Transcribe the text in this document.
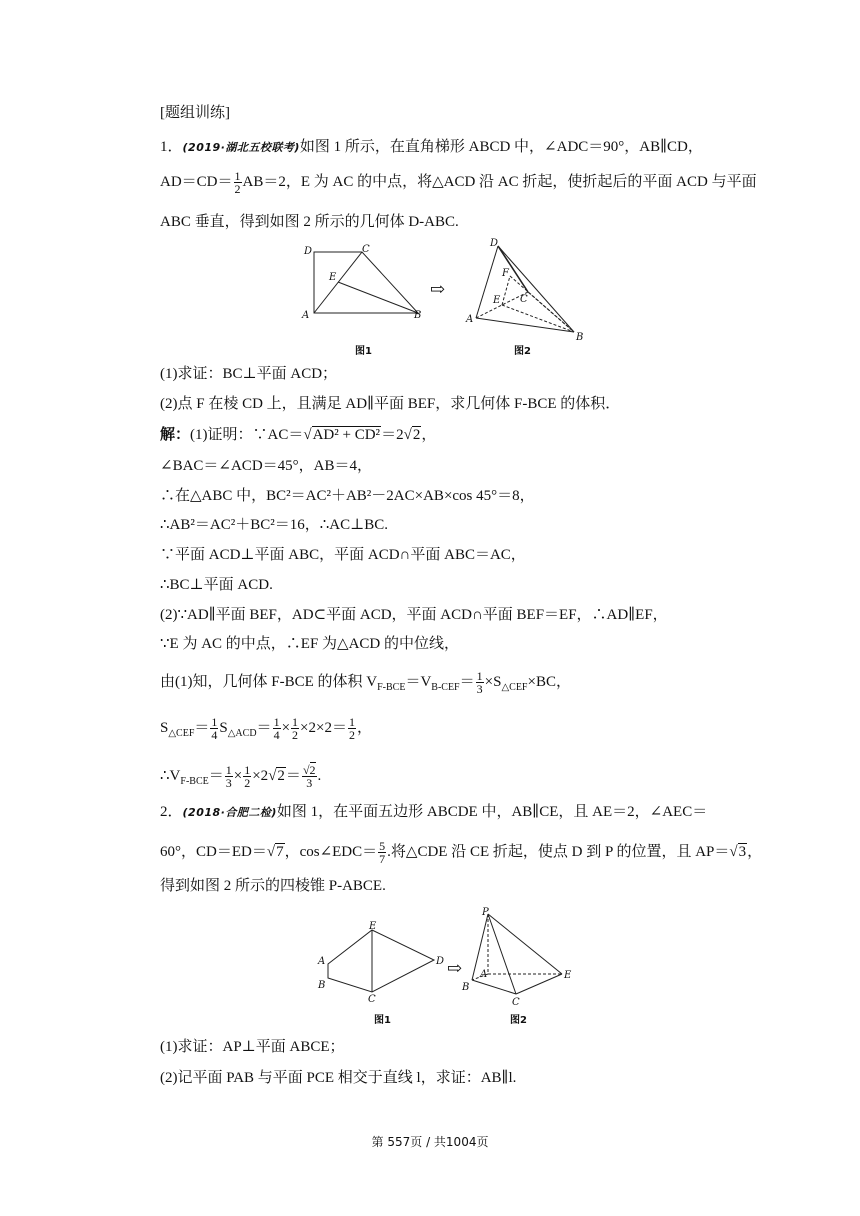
[题组训练]
1．(2019·湖北五校联考)如图 1 所示，在直角梯形 ABCD 中，∠ADC＝90°，AB∥CD，
$AD=CD= \frac{1}{2} AB=2$，E 为 AC 的中点，将△ACD 沿 AC 折起，使折起后的平面 ACD 与平面
ABC 垂直，得到如图 2 所示的几何体 D-ABC.
D	C
E
A	B
⇨
D
F
E C
A
B
图1	图2
(1)求证：BC⊥平面 ACD；
(2)点 F 在棱 CD 上，且满足 AD∥平面 BEF，求几何体 F-BCE 的体积．
解：(1)证明：∵AC＝√AD² + CD²＝2√2，
∠BAC＝∠ACD＝45°，AB＝4，
∴在△ABC 中，BC²＝AC²＋AB²－2AC×AB×cos 45°＝8，
∴AB²＝AC²＋BC²＝16，∴AC⊥BC.
∵平面 ACD⊥平面 ABC，平面 ACD∩平面 ABC＝AC，
∴BC⊥平面 ACD.
(2)∵AD∥平面 BEF，AD⊂平面 ACD，平面 ACD∩平面 BEF＝EF，∴AD∥EF，
∵E 为 AC 的中点，∴EF 为△ACD 的中位线，
由(1)知，几何体 F-BCE 的体积 $V_{F-BCE}=V_{B-CEF}= \frac{1}{3} \times S_{\triangle CEF}\times BC$，
$S_{\triangle CEF}= \frac{1}{4} S_{\triangle ACD}= \frac{1}{4} \times \frac{1}{2} \times 2\times 2= \frac{1}{2}$ ，
$\therefore V_{F-BCE}= \frac{1}{3} \times \frac{1}{2} \times 2√2= \frac{√2}{3}$ .
2．(2018·合肥二检)如图 1，在平面五边形 ABCDE 中，AB∥CE，且 AE＝2，∠AEC＝
60°，CD＝ED＝√7，cos∠EDC＝ $\frac{5}{7}$ .将△CDE 沿 CE 折起，使点 D 到 P 的位置，且 AP＝√3，
得到如图 2 所示的四棱锥 P-ABCE.
A
B
C
D
E
⇨
P
A
B
C
E
图1	图2
(1)求证：AP⊥平面 ABCE；
(2)记平面 PAB 与平面 PCE 相交于直线 l，求证：AB∥l.
第 557页 / 共1004页
